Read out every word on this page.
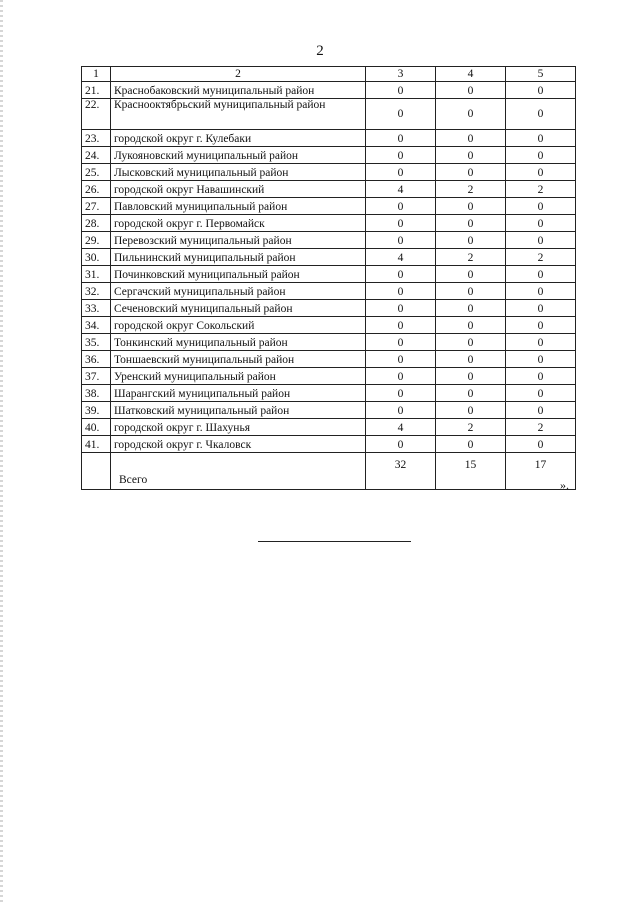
2
1	2	3	4	5
21.	Краснобаковский муниципальный район	0	0	0
22.	Краснооктябрьский муниципальный район	0	0	0
23.	городской округ г. Кулебаки	0	0	0
24.	Лукояновский муниципальный район	0	0	0
25.	Лысковский муниципальный район	0	0	0
26.	городской округ Навашинский	4	2	2
27.	Павловский муниципальный район	0	0	0
28.	городской округ г. Первомайск	0	0	0
29.	Перевозский муниципальный район	0	0	0
30.	Пильнинский муниципальный район	4	2	2
31.	Починковский муниципальный район	0	0	0
32.	Сергачский муниципальный район	0	0	0
33.	Сеченовский муниципальный район	0	0	0
34.	городской округ Сокольский	0	0	0
35.	Тонкинский муниципальный район	0	0	0
36.	Тоншаевский муниципальный район	0	0	0
37.	Уренский муниципальный район	0	0	0
38.	Шарангский муниципальный район	0	0	0
39.	Шатковский муниципальный район	0	0	0
40.	городской округ г. Шахунья	4	2	2
41.	городской округ г. Чкаловск	0	0	0
	Всего	32	15	17
».
